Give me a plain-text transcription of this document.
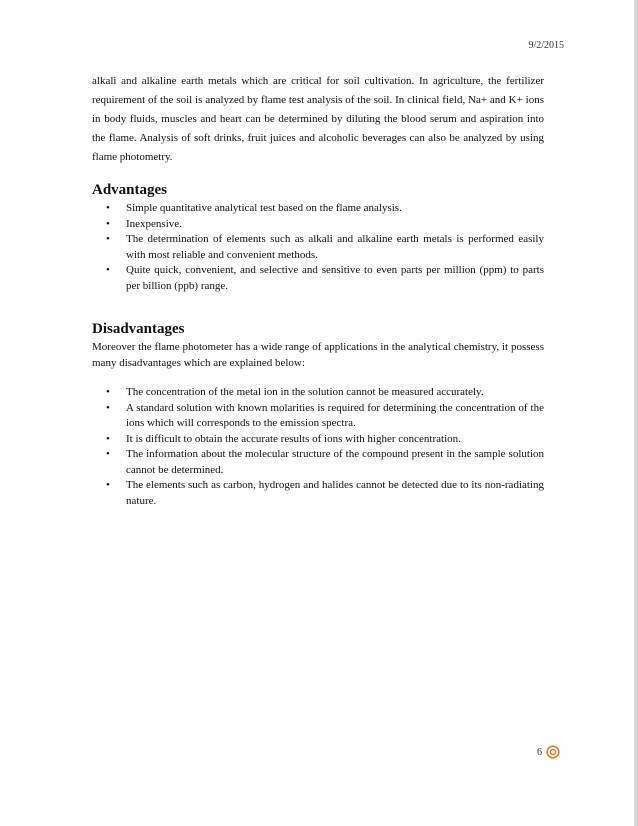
9/2/2015

alkali and alkaline earth metals which are critical for soil cultivation. In agriculture, the fertilizer requirement of the soil is analyzed by flame test analysis of the soil. In clinical field, Na+ and K+ ions in body fluids, muscles and heart can be determined by diluting the blood serum and aspiration into the flame. Analysis of soft drinks, fruit juices and alcoholic beverages can also be analyzed by using flame photometry.

Advantages
• Simple quantitative analytical test based on the flame analysis.
• Inexpensive.
• The determination of elements such as alkali and alkaline earth metals is performed easily with most reliable and convenient methods.
• Quite quick, convenient, and selective and sensitive to even parts per million (ppm) to parts per billion (ppb) range.
Disadvantages

Moreover the flame photometer has a wide range of applications in the analytical chemistry, it possess many disadvantages which are explained below:

• The concentration of the metal ion in the solution cannot be measured accurately.
• A standard solution with known molarities is required for determining the concentration of the ions which will corresponds to the emission spectra.
• It is difficult to obtain the accurate results of ions with higher concentration.
• The information about the molecular structure of the compound present in the sample solution cannot be determined.
• The elements such as carbon, hydrogen and halides cannot be detected due to its non-radiating nature.
6
